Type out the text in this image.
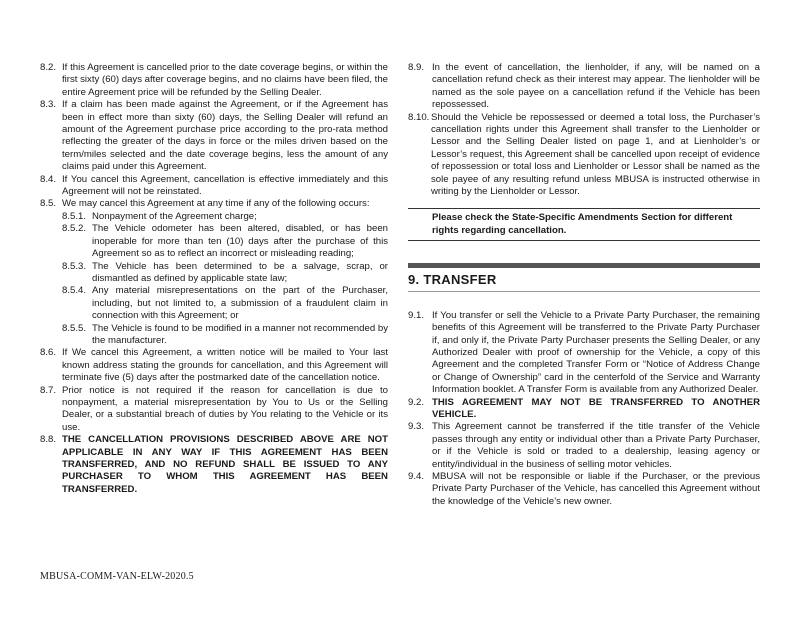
8.2. If this Agreement is cancelled prior to the date coverage begins, or within the first sixty (60) days after coverage begins, and no claims have been filed, the entire Agreement price will be refunded by the Selling Dealer.
8.3. If a claim has been made against the Agreement, or if the Agreement has been in effect more than sixty (60) days, the Selling Dealer will refund an amount of the Agreement purchase price according to the pro-rata method reflecting the greater of the days in force or the miles driven based on the term/miles selected and the date coverage begins, less the amount of any claims paid under this Agreement.
8.4. If You cancel this Agreement, cancellation is effective immediately and this Agreement will not be reinstated.
8.5. We may cancel this Agreement at any time if any of the following occurs:
8.5.1. Nonpayment of the Agreement charge;
8.5.2. The Vehicle odometer has been altered, disabled, or has been inoperable for more than ten (10) days after the purchase of this Agreement so as to reflect an incorrect or misleading reading;
8.5.3. The Vehicle has been determined to be a salvage, scrap, or dismantled as defined by applicable state law;
8.5.4. Any material misrepresentations on the part of the Purchaser, including, but not limited to, a submission of a fraudulent claim in connection with this Agreement; or
8.5.5. The Vehicle is found to be modified in a manner not recommended by the manufacturer.
8.6. If We cancel this Agreement, a written notice will be mailed to Your last known address stating the grounds for cancellation, and this Agreement will terminate five (5) days after the postmarked date of the cancellation notice.
8.7. Prior notice is not required if the reason for cancellation is due to nonpayment, a material misrepresentation by You to Us or the Selling Dealer, or a substantial breach of duties by You relating to the Vehicle or its use.
8.8. THE CANCELLATION PROVISIONS DESCRIBED ABOVE ARE NOT APPLICABLE IN ANY WAY IF THIS AGREEMENT HAS BEEN TRANSFERRED, AND NO REFUND SHALL BE ISSUED TO ANY PURCHASER TO WHOM THIS AGREEMENT HAS BEEN TRANSFERRED.
8.9. In the event of cancellation, the lienholder, if any, will be named on a cancellation refund check as their interest may appear. The lienholder will be named as the sole payee on a cancellation refund if the Vehicle has been repossessed.
8.10. Should the Vehicle be repossessed or deemed a total loss, the Purchaser’s cancellation rights under this Agreement shall transfer to the Lienholder or Lessor and the Selling Dealer listed on page 1, and at Lienholder’s or Lessor’s request, this Agreement shall be cancelled upon receipt of evidence of repossession or total loss and Lienholder or Lessor shall be named as the sole payee of any resulting refund unless MBUSA is instructed otherwise in writing by the Lienholder or Lessor.
Please check the State-Specific Amendments Section for different rights regarding cancellation.
9. TRANSFER
9.1. If You transfer or sell the Vehicle to a Private Party Purchaser, the remaining benefits of this Agreement will be transferred to the Private Party Purchaser if, and only if, the Private Party Purchaser presents the Selling Dealer, or any Authorized Dealer with proof of ownership for the Vehicle, a copy of this Agreement and the completed Transfer Form or “Notice of Address Change or Change of Ownership” card in the centerfold of the Service and Warranty Information booklet. A Transfer Form is available from any Authorized Dealer.
9.2. THIS AGREEMENT MAY NOT BE TRANSFERRED TO ANOTHER VEHICLE.
9.3. This Agreement cannot be transferred if the title transfer of the Vehicle passes through any entity or individual other than a Private Party Purchaser, or if the Vehicle is sold or traded to a dealership, leasing agency or entity/individual in the business of selling motor vehicles.
9.4. MBUSA will not be responsible or liable if the Purchaser, or the previous Private Party Purchaser of the Vehicle, has cancelled this Agreement without the knowledge of the Vehicle’s new owner.
MBUSA-COMM-VAN-ELW-2020.5
